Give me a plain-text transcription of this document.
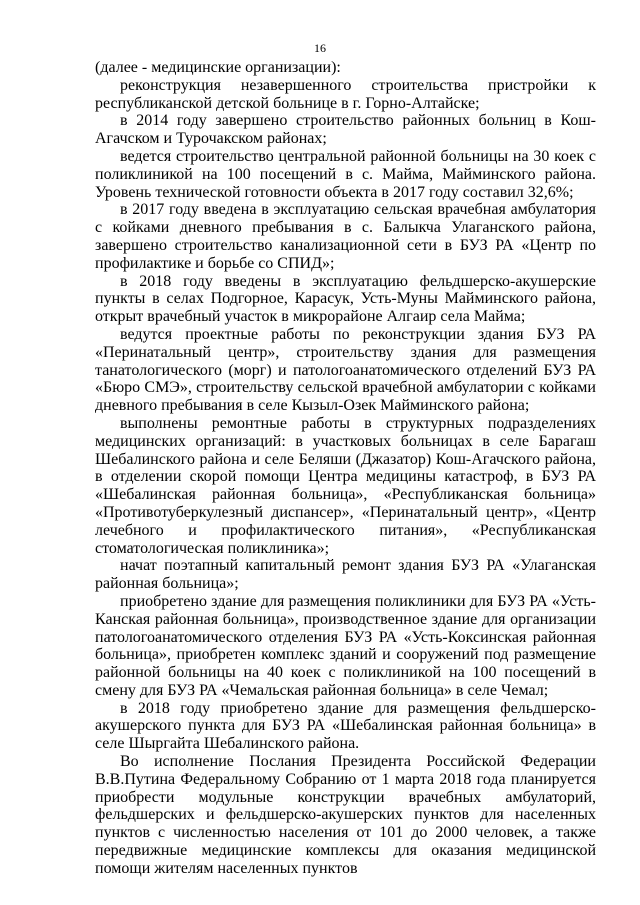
16

(далее - медицинские организации):

реконструкция незавершенного строительства пристройки к республиканской детской больнице в г. Горно-Алтайске;

в 2014 году завершено строительство районных больниц в Кош-Агачском и Турочакском районах;

ведется строительство центральной районной больницы на 30 коек с поликлиникой на 100 посещений в с. Майма, Майминского района. Уровень технической готовности объекта в 2017 году составил 32,6%;

в 2017 году введена в эксплуатацию сельская врачебная амбулатория с койками дневного пребывания в с. Балыкча Улаганского района, завершено строительство канализационной сети в БУЗ РА «Центр по профилактике и борьбе со СПИД»;

в 2018 году введены в эксплуатацию фельдшерско-акушерские пункты в селах Подгорное, Карасук, Усть-Муны Майминского района, открыт врачебный участок в микрорайоне Алгаир села Майма;

ведутся проектные работы по реконструкции здания БУЗ РА «Перинатальный центр», строительству здания для размещения танатологического (морг) и патологоанатомического отделений БУЗ РА «Бюро СМЭ», строительству сельской врачебной амбулатории с койками дневного пребывания в селе Кызыл-Озек Майминского района;

выполнены ремонтные работы в структурных подразделениях медицинских организаций: в участковых больницах в селе Барагаш Шебалинского района и селе Беляши (Джазатор) Кош-Агачского района, в отделении скорой помощи Центра медицины катастроф, в БУЗ РА «Шебалинская районная больница», «Республиканская больница» «Противотуберкулезный диспансер», «Перинатальный центр», «Центр лечебного и профилактического питания», «Республиканская стоматологическая поликлиника»;

начат поэтапный капитальный ремонт здания БУЗ РА «Улаганская районная больница»;

приобретено здание для размещения поликлиники для БУЗ РА «Усть-Канская районная больница», производственное здание для организации патологоанатомического отделения БУЗ РА «Усть-Коксинская районная больница», приобретен комплекс зданий и сооружений под размещение районной больницы на 40 коек с поликлиникой на 100 посещений в смену для БУЗ РА «Чемальская районная больница» в селе Чемал;

в 2018 году приобретено здание для размещения фельдшерско-акушерского пункта для БУЗ РА «Шебалинская районная больница» в селе Шыргайта Шебалинского района.

Во исполнение Послания Президента Российской Федерации В.В.Путина Федеральному Собранию от 1 марта 2018 года планируется приобрести модульные конструкции врачебных амбулаторий, фельдшерских и фельдшерско-акушерских пунктов для населенных пунктов с численностью населения от 101 до 2000 человек, а также передвижные медицинские комплексы для оказания медицинской помощи жителям населенных пунктов
